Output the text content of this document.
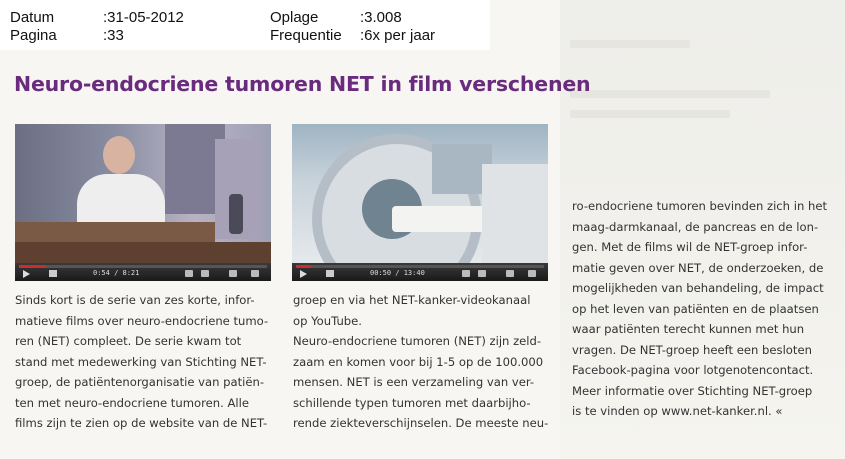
Datum	:31-05-2012
Pagina	:33
Oplage	:3.008
Frequentie :6x per jaar
Neuro-endocriene tumoren NET in film verschenen
0:54 / 8:21	00:50 / 13:40

Sinds kort is de serie van zes korte, infor-

matieve films over neuro-endocriene tumo-

ren (NET) compleet. De serie kwam tot

stand met medewerking van Stichting NET-

groep, de patiëntenorganisatie van patiën-

ten met neuro-endocriene tumoren. Alle

films zijn te zien op de website van de NET-

groep en via het NET-kanker-videokanaal

op YouTube.

Neuro-endocriene tumoren (NET) zijn zeld-

zaam en komen voor bij 1-5 op de 100.000

mensen. NET is een verzameling van ver-

schillende typen tumoren met daarbijho-

rende ziekteverschijnselen. De meeste neu-

ro-endocriene tumoren bevinden zich in het

maag-darmkanaal, de pancreas en de lon-

gen. Met de films wil de NET-groep infor-

matie geven over NET, de onderzoeken, de

mogelijkheden van behandeling, de impact

op het leven van patiënten en de plaatsen

waar patiënten terecht kunnen met hun

vragen. De NET-groep heeft een besloten

Facebook-pagina voor lotgenotencontact.

Meer informatie over Stichting NET-groep

is te vinden op www.net-kanker.nl. «
